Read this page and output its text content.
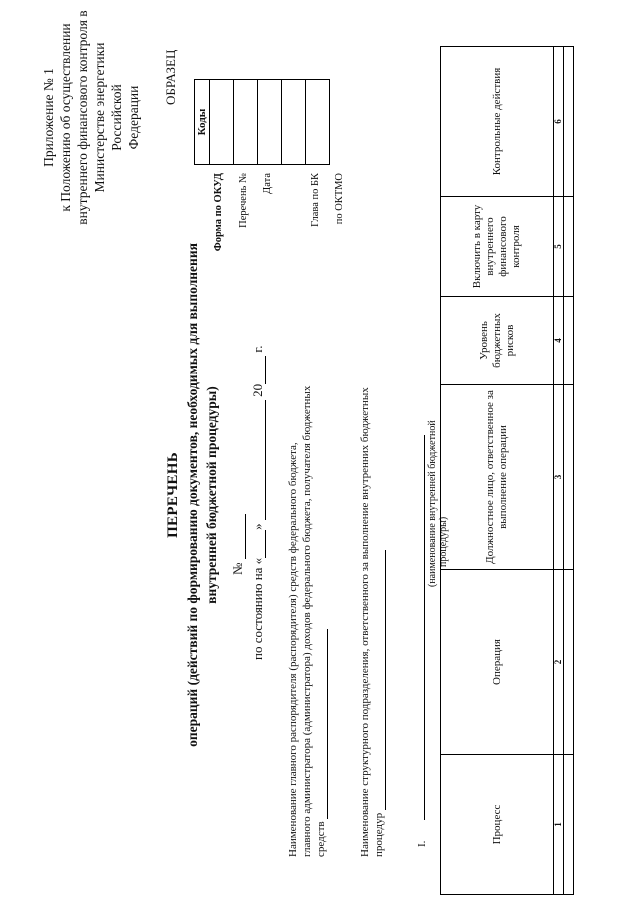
Приложение № 1 к Положению об осуществлении внутреннего финансового контроля в Министерстве энергетики Российской Федерации
ОБРАЗЕЦ
Коды

Форма по ОКУД Перечень № Дата	Глава по БК по ОКТМО
ПЕРЕЧЕНЬ операций (действий по формированию документов, необходимых для выполнения внутренней бюджетной процедуры) № по состоянию на «»  20 г.
Наименование главного распорядителя (распорядителя) средств федерального бюджета, главного администратора (администратора) доходов федерального бюджета, получателя бюджетных средств	Наименование структурного подразделения, ответственного за выполнение внутренних бюджетных процедур	I.
(наименование внутренней бюджетной процедуры)
Процесс	Операция	Должностное лицо, ответственное за выполнение операции	Уровень бюджетных рисков	Включить в карту внутреннего финансового контроля	Контрольные действия
1	2	3	4	5	6
